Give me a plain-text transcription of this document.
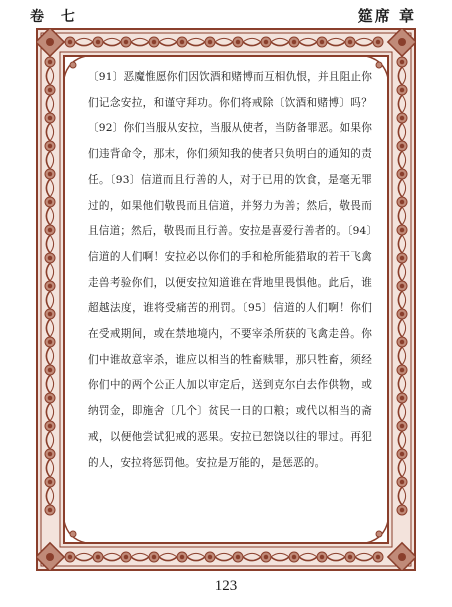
卷 七	筵席 章
〔91〕恶魔惟愿你们因饮酒和赌博而互相仇恨，并且阻止你们记念安拉，和谨守拜功。你们将戒除〔饮酒和赌博〕吗？〔92〕你们当服从安拉，当服从使者，当防备罪恶。如果你们违背命令，那末，你们须知我的使者只负明白的通知的责任。〔93〕信道而且行善的人，对于已用的饮食，是毫无罪过的，如果他们敬畏而且信道，并努力为善；然后，敬畏而且信道；然后，敬畏而且行善。安拉是喜爱行善者的。〔94〕信道的人们啊！安拉必以你们的手和枪所能猎取的若干飞禽走兽考验你们，以便安拉知道谁在背地里畏惧他。此后，谁超越法度，谁将受痛苦的刑罚。〔95〕信道的人们啊！你们在受戒期间，或在禁地境内，不要宰杀所获的飞禽走兽。你们中谁故意宰杀，谁应以相当的牲畜赎罪，那只牲畜，须经你们中的两个公正人加以审定后，送到克尔白去作供物，或纳罚金，即施舍〔几个〕贫民一日的口粮；或代以相当的斋戒，以便他尝试犯戒的恶果。安拉已恕饶以往的罪过。再犯的人，安拉将惩罚他。安拉是万能的，是惩恶的。
123
